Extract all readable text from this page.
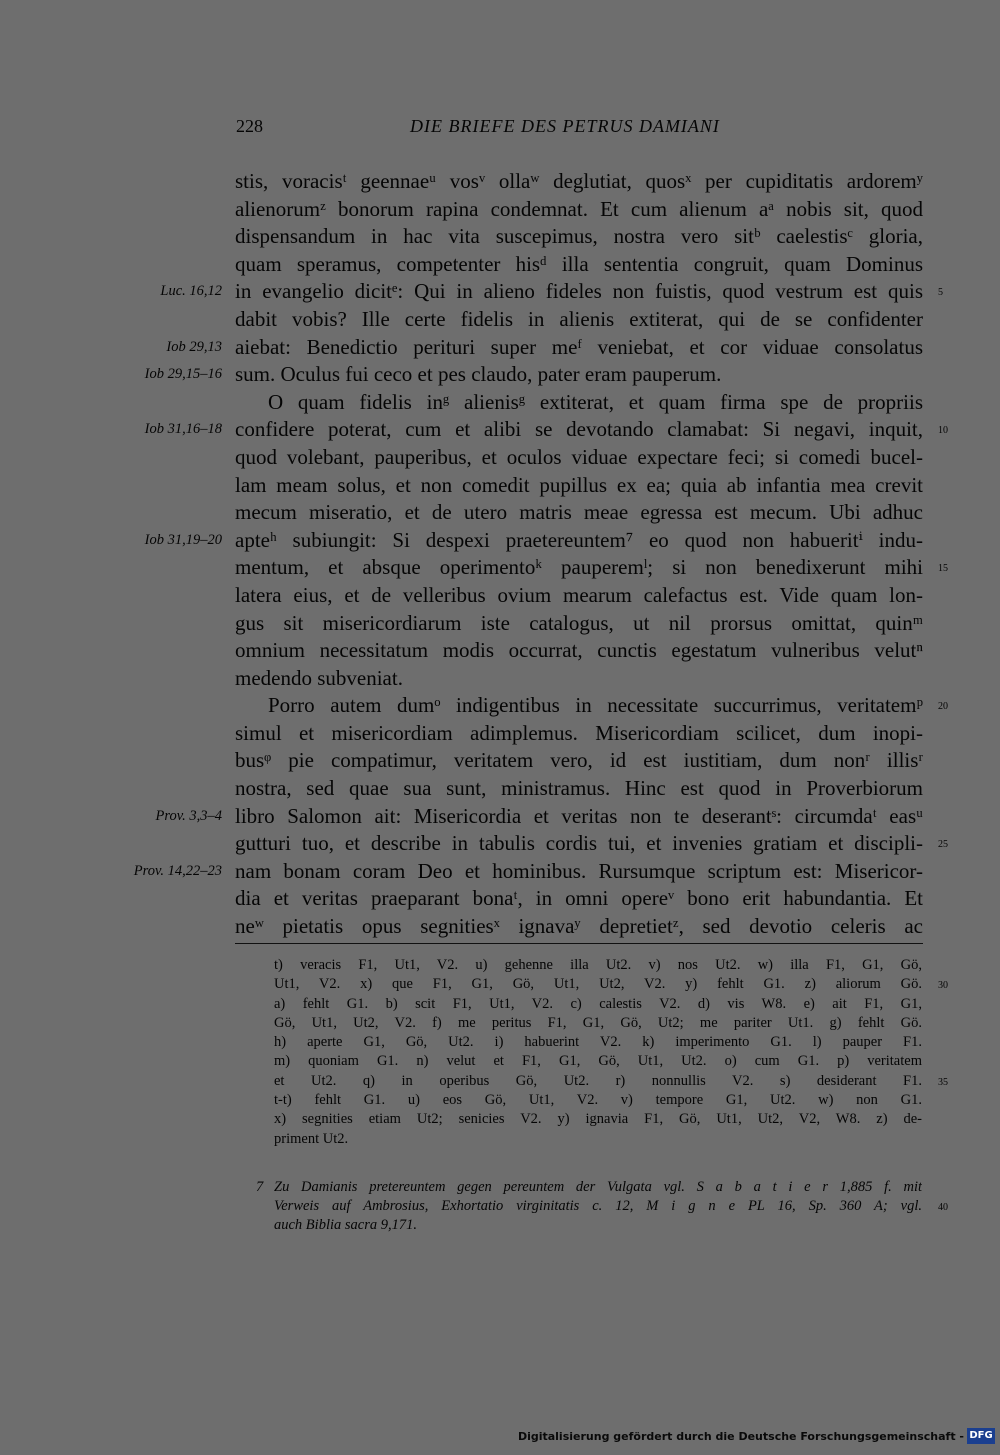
228	DIE BRIEFE DES PETRUS DAMIANI
stis, voracisᵗ geennaeᵘ vosᵛ ollaʷ deglutiat, quosˣ per cupiditatis ardoremʸ
alienorumᶻ bonorum rapina condemnat. Et cum alienum aᵃ nobis sit, quod
dispensandum in hac vita suscepimus, nostra vero sitᵇ caelestisᶜ gloria,
quam speramus, competenter hisᵈ illa sententia congruit, quam Dominus
in evangelio dicitᵉ: Qui in alieno fideles non fuistis, quod vestrum est quis
Luc. 16,12	5
dabit vobis? Ille certe fidelis in alienis extiterat, qui de se confidenter
aiebat: Benedictio perituri super meᶠ veniebat, et cor viduae consolatus
Iob 29,13
sum. Oculus fui ceco et pes claudo, pater eram pauperum.
Iob 29,15–16
O quam fidelis inᵍ alienisᵍ extiterat, et quam firma spe de propriis
confidere poterat, cum et alibi se devotando clamabat: Si negavi, inquit,
Iob 31,16–18	10
quod volebant, pauperibus, et oculos viduae expectare feci; si comedi bucel-
lam meam solus, et non comedit pupillus ex ea; quia ab infantia mea crevit
mecum miseratio, et de utero matris meae egressa est mecum. Ubi adhuc
apteʰ subiungit: Si despexi praetereuntem⁷ eo quod non habueritⁱ indu-
Iob 31,19–20
mentum, et absque operimentoᵏ pauperemˡ; si non benedixerunt mihi 15
latera eius, et de velleribus ovium mearum calefactus est. Vide quam lon-
gus sit misericordiarum iste catalogus, ut nil prorsus omittat, quinᵐ
omnium necessitatum modis occurrat, cunctis egestatum vulneribus velutⁿ
medendo subveniat.
Porro autem dumᵒ indigentibus in necessitate succurrimus, veritatemᵖ 20
simul et misericordiam adimplemus. Misericordiam scilicet, dum inopi-
busᵠ pie compatimur, veritatem vero, id est iustitiam, dum nonʳ illisʳ
nostra, sed quae sua sunt, ministramus. Hinc est quod in Proverbiorum
libro Salomon ait: Misericordia et veritas non te deserantˢ: circumdaᵗ easᵘ
Prov. 3,3–4
gutturi tuo, et describe in tabulis cordis tui, et invenies gratiam et discipli- 25
nam bonam coram Deo et hominibus. Rursumque scriptum est: Misericor-
Prov. 14,22–23
dia et veritas praeparant bonaᵗ, in omni opereᵛ bono erit habundantia. Et
neʷ pietatis opus segnitiesˣ ignavaʸ depretietᶻ, sed devotio celeris ac
t) veracis F1, Ut1, V2. u) gehenne illa Ut2. v) nos Ut2. w) illa F1, G1, Gö,
Ut1, V2. x) que F1, G1, Gö, Ut1, Ut2, V2. y) fehlt G1. z) aliorum Gö. 30
a) fehlt G1. b) scit F1, Ut1, V2. c) calestis V2. d) vis W8. e) ait F1, G1,
Gö, Ut1, Ut2, V2. f) me peritus F1, G1, Gö, Ut2; me pariter Ut1. g) fehlt Gö.
h) aperte G1, Gö, Ut2. i) habuerint V2. k) imperimento G1. l) pauper F1.
m) quoniam G1. n) velut et F1, G1, Gö, Ut1, Ut2. o) cum G1. p) veritatem
et Ut2. q) in operibus Gö, Ut2. r) nonnullis V2. s) desiderant F1. 35
t-t) fehlt G1. u) eos Gö, Ut1, V2. v) tempore G1, Ut2. w) non G1.
x) segnities etiam Ut2; senicies V2. y) ignavia F1, Gö, Ut1, Ut2, V2, W8. z) de-
priment Ut2.
7 Zu Damianis pretereuntem gegen pereuntem der Vulgata vgl. S a b a t i e r 1,885 f. mit
Verweis auf Ambrosius, Exhortatio virginitatis c. 12, M i g n e PL 16, Sp. 360 A; vgl. 40
auch Biblia sacra 9,171.
Digitalisierung gefördert durch die Deutsche Forschungsgemeinschaft - DFG
